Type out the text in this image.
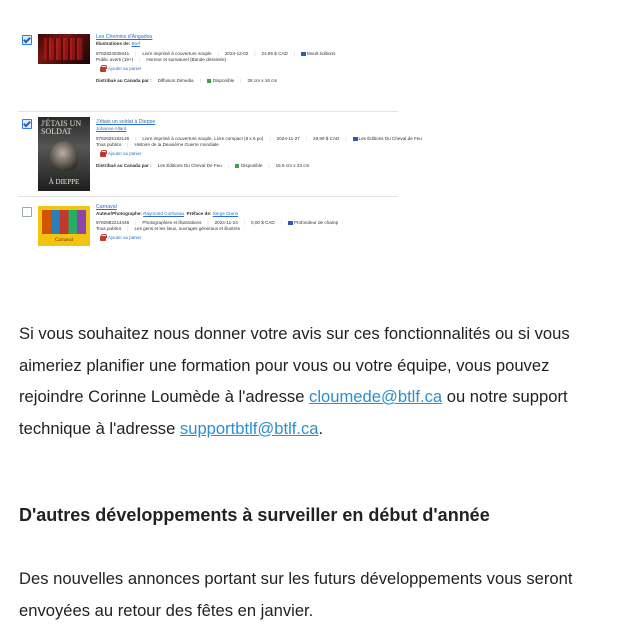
Les Chemins d'Angadou
Illustrations de: Bref
9782924039441 | Livre imprimé à couverture souple | 2024-12-02 | 24,95 $ CAD |	Moult éditions
Public averti (18+) | Horreur et surnaturel (Bande dessinée)
Ajouter au panier
Distribué au Canada par : Diffusion Dimedia |	Disponible | 28 cm x 16 cm
J'ÉTAIS UN SOLDAT
À DIEPPE
J'étais un soldat à Dieppe
Johanne Allard
9782925182146 | Livre imprimé à couverture souple, Livre compact (9 x 6 po) | 2024-11-27 | 29,99 $ CAD |	Les Éditions Du Cheval de Feu
Tous publics | Histoire de la Deuxième Guerre mondiale
Ajouter au panier
Distribué au Canada par : Les Éditions Du Cheval De Feu |	Disponible | 15.5 cm x 23 cm
Carnaval
Carnaval
Auteur/Photographe: Raymond Corriveau Préface de: Serge Dionn
9782982214446 | Photographies et illustrations | 2024-11-24 | 0,00 $ CAD |	Profondeur de champ
Tous publics | Les gens et les lieux, ouvrages généraux et illustrés
Ajouter au panier
Si vous souhaitez nous donner votre avis sur ces fonctionnalités ou si vous aimeriez planifier une formation pour vous ou votre équipe, vous pouvez rejoindre Corinne Loumède à l'adresse cloumede@btlf.ca ou notre support technique à l'adresse supportbtlf@btlf.ca.
D'autres développements à surveiller en début d'année
Des nouvelles annonces portant sur les futurs développements vous seront envoyées au retour des fêtes en janvier.
